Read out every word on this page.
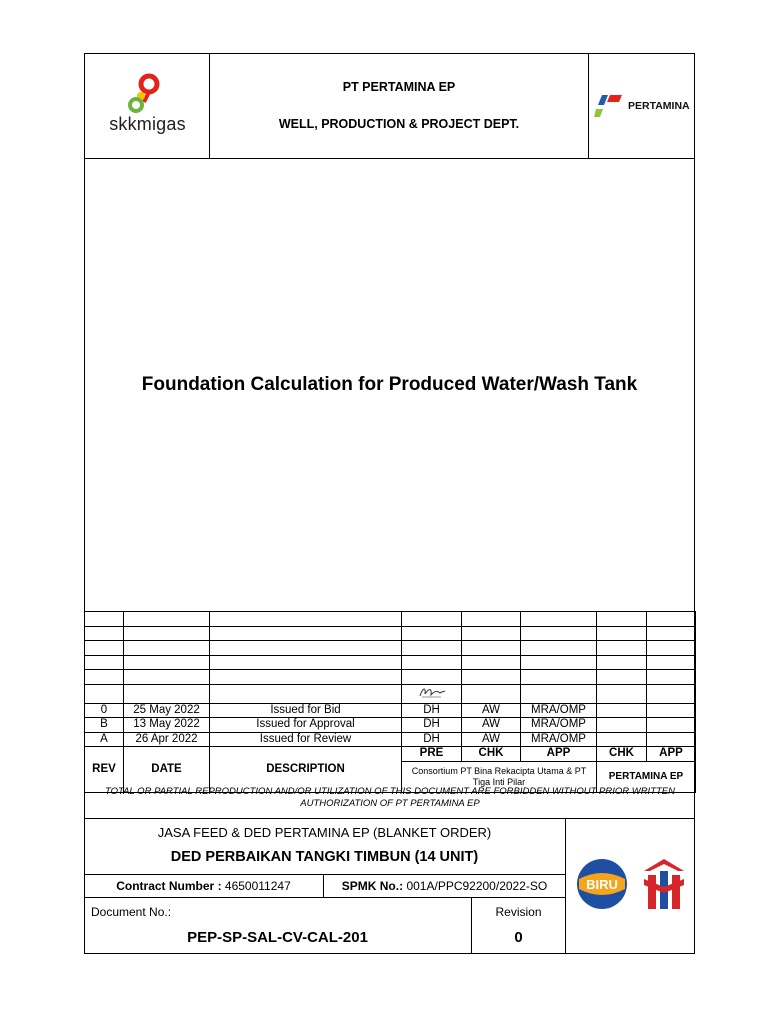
skkmigas
PT PERTAMINA EP
WELL, PRODUCTION & PROJECT DEPT.
PERTAMINA
Foundation Calculation for Produced Water/Wash Tank

0	25 May 2022	Issued for Bid	DH	AW	MRA/OMP		
B	13 May 2022	Issued for Approval	DH	AW	MRA/OMP		
A	26 Apr 2022	Issued for Review	DH	AW	MRA/OMP		
REV	DATE	DESCRIPTION	PRE	CHK	APP	CHK	APP
			Consortium PT Bina Rekacipta Utama & PT Tiga Inti Pilar			PERTAMINA EP	
TOTAL OR PARTIAL REPRODUCTION AND/OR UTILIZATION OF THIS DOCUMENT ARE FORBIDDEN WITHOUT PRIOR WRITTEN AUTHORIZATION OF PT PERTAMINA EP
JASA FEED & DED PERTAMINA EP (BLANKET ORDER)
DED PERBAIKAN TANGKI TIMBUN (14 UNIT)
Contract Number :
4650011247	SPMK No.:
001A/PPC92200/2022-SO
Document No.:
PEP-SP-SAL-CV-CAL-201
Revision
0
BIRU
